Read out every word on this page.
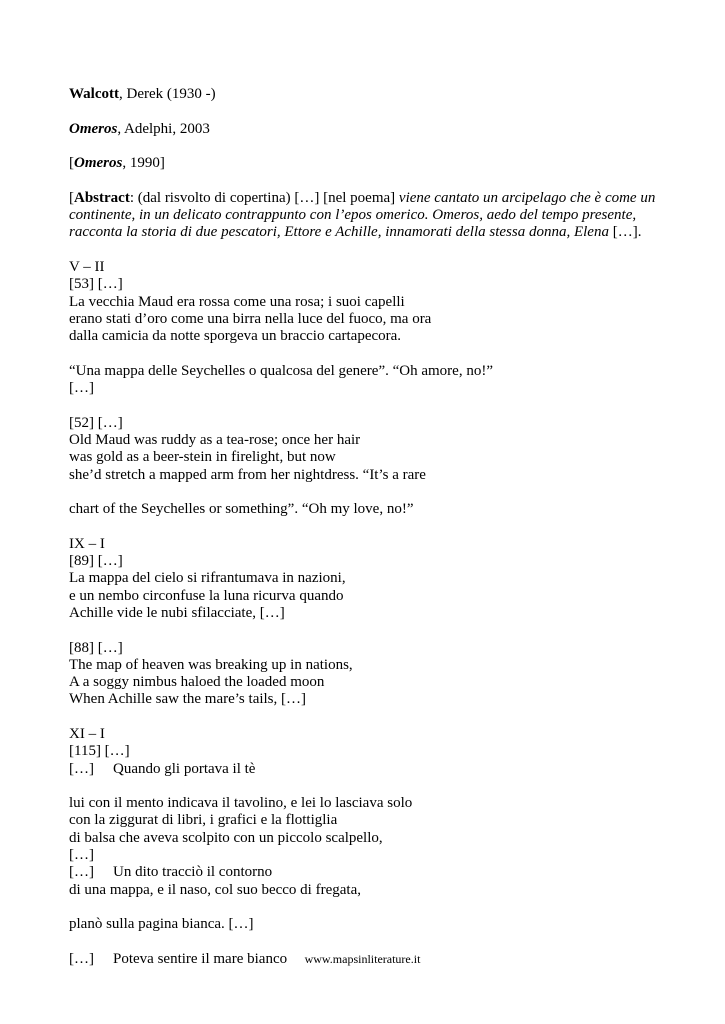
Walcott, Derek (1930 -)
Omeros, Adelphi, 2003
[Omeros, 1990]
[Abstract: (dal risvolto di copertina) […] [nel poema] viene cantato un arcipelago che è come un
continente, in un delicato contrappunto con l’epos omerico. Omeros, aedo del tempo presente,
racconta la storia di due pescatori, Ettore e Achille, innamorati della stessa donna, Elena […].
V – II
[53] […]
La vecchia Maud era rossa come una rosa; i suoi capelli
erano stati d’oro come una birra nella luce del fuoco, ma ora
dalla camicia da notte sporgeva un braccio cartapecora.
“Una mappa delle Seychelles o qualcosa del genere”. “Oh amore, no!”
[…]
[52] […]
Old Maud was ruddy as a tea-rose; once her hair
was gold as a beer-stein in firelight, but now
she’d stretch a mapped arm from her nightdress. “It’s a rare
chart of the Seychelles or something”. “Oh my love, no!”
IX – I
[89] […]
La mappa del cielo si rifrantumava in nazioni,
e un nembo circonfuse la luna ricurva quando
Achille vide le nubi sfilacciate, […]
[88] […]
The map of heaven was breaking up in nations,
A a soggy nimbus haloed the loaded moon
When Achille saw the mare’s tails, […]
XI – I
[115] […]
[…] Quando gli portava il tè
lui con il mento indicava il tavolino, e lei lo lasciava solo
con la ziggurat di libri, i grafici e la flottiglia
di balsa che aveva scolpito con un piccolo scalpello,
[…]
[…] Un dito tracciò il contorno
di una mappa, e il naso, col suo becco di fregata,
planò sulla pagina bianca. […]
[…] Poteva sentire il mare bianco	www.mapsinliterature.it
